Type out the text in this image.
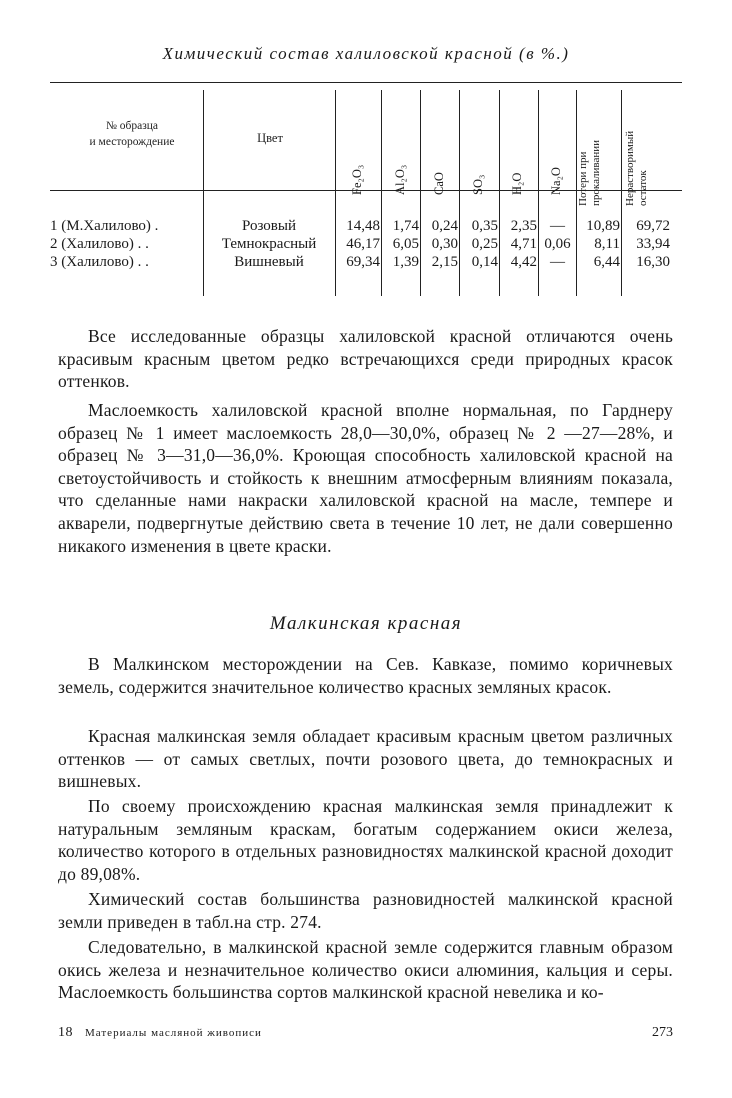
Химический состав халиловской красной (в %.)
№ образца
и месторождение	Цвет
Fe₂O₃ Al₂O₃ CaO SO₃ H₂O Na₂O Потери при прокаливании Нерастворимый остаток
1 (М.Халилово) .	Розовый	14,48 1,74 0,24 0,35 2,35 —	10,89	69,72
2 (Халилово) . .	Темнокрасный	46,17 6,05 0,30 0,25 4,71 0,06	8,11	33,94
3 (Халилово) . .	Вишневый	69,34 1,39 2,15 0,14 4,42 —	6,44	16,30
Все исследованные образцы халиловской красной отличаются очень красивым красным цветом редко встречающихся среди природных красок оттенков.
Маслоемкость халиловской красной вполне нормальная, по Гарднеру образец № 1 имеет маслоемкость 28,0—30,0%, образец № 2 —27—28%, и образец № 3—31,0—36,0%. Кроющая способность халиловской красной на светоустойчивость и стойкость к внешним атмосферным влияниям показала, что сделанные нами накраски халиловской красной на масле, темпере и акварели, подвергнутые действию света в течение 10 лет, не дали совершенно никакого изменения в цвете краски.
Малкинская красная
В Малкинском месторождении на Сев. Кавказе, помимо коричневых земель, содержится значительное количество красных земляных красок.
Красная малкинская земля обладает красивым красным цветом различных оттенков — от самых светлых, почти розового цвета, до темнокрасных и вишневых.
По своему происхождению красная малкинская земля принадлежит к натуральным земляным краскам, богатым содержанием окиси железа, количество которого в отдельных разновидностях малкинской красной доходит до 89,08%.
Химический состав большинства разновидностей малкинской красной земли приведен в табл.на стр. 274.
Следовательно, в малкинской красной земле содержится главным образом окись железа и незначительное количество окиси алюминия, кальция и серы. Маслоемкость большинства сортов малкинской красной невелика и ко-
18 Материалы масляной живописи	273
